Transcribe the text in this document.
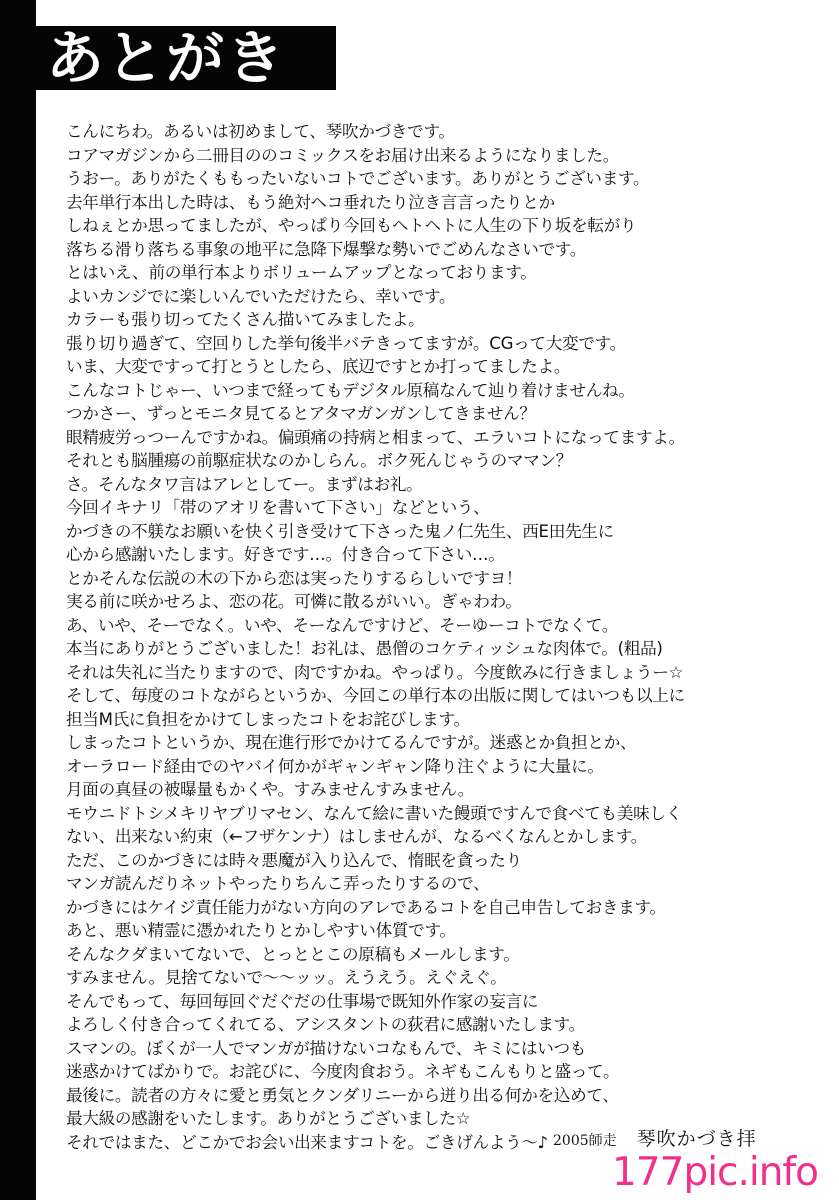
あとがき
こんにちわ。あるいは初めまして、琴吹かづきです。
コアマガジンから二冊目ののコミックスをお届け出来るようになりました。
うおー。ありがたくももったいないコトでございます。ありがとうございます。
去年単行本出した時は、もう絶対ヘコ垂れたり泣き言言ったりとか
しねぇとか思ってましたが、やっぱり今回もヘトヘトに人生の下り坂を転がり
落ちる滑り落ちる事象の地平に急降下爆撃な勢いでごめんなさいです。
とはいえ、前の単行本よりボリュームアップとなっております。
よいカンジでに楽しいんでいただけたら、幸いです。
カラーも張り切ってたくさん描いてみましたよ。
張り切り過ぎて、空回りした挙句後半バテきってますが。CGって大変です。
いま、大変ですって打とうとしたら、底辺ですとか打ってましたよ。
こんなコトじゃー、いつまで経ってもデジタル原稿なんて辿り着けませんね。
つかさー、ずっとモニタ見てるとアタマガンガンしてきません？
眼精疲労っつーんですかね。偏頭痛の持病と相まって、エラいコトになってますよ。
それとも脳腫瘍の前駆症状なのかしらん。ボク死んじゃうのママン？
さ。そんなタワ言はアレとしてー。まずはお礼。
今回イキナリ「帯のアオリを書いて下さい」などという、
かづきの不躾なお願いを快く引き受けて下さった鬼ノ仁先生、西E田先生に
心から感謝いたします。好きです…。付き合って下さい…。
とかそんな伝説の木の下から恋は実ったりするらしいですヨ！
実る前に咲かせろよ、恋の花。可憐に散るがいい。ぎゃわわ。
あ、いや、そーでなく。いや、そーなんですけど、そーゆーコトでなくて。
本当にありがとうございました！お礼は、愚僧のコケティッシュな肉体で。(粗品)
それは失礼に当たりますので、肉ですかね。やっぱり。今度飲みに行きましょうー☆
そして、毎度のコトながらというか、今回この単行本の出版に関してはいつも以上に
担当M氏に負担をかけてしまったコトをお詫びします。
しまったコトというか、現在進行形でかけてるんですが。迷惑とか負担とか、
オーラロード経由でのヤバイ何かがギャンギャン降り注ぐように大量に。
月面の真昼の被曝量もかくや。すみませんすみません。
モウニドトシメキリヤブリマセン、なんて絵に書いた饅頭ですんで食べても美味しく
ない、出来ない約束（←フザケンナ）はしませんが、なるべくなんとかします。
ただ、このかづきには時々悪魔が入り込んで、惰眠を貪ったり
マンガ読んだりネットやったりちんこ弄ったりするので、
かづきにはケイジ責任能力がない方向のアレであるコトを自己申告しておきます。
あと、悪い精霊に憑かれたりとかしやすい体質です。
そんなクダまいてないで、とっととこの原稿もメールします。
すみません。見捨てないで～～ッッ。えうえう。えぐえぐ。
そんでもって、毎回毎回ぐだぐだの仕事場で既知外作家の妄言に
よろしく付き合ってくれてる、アシスタントの荻君に感謝いたします。
スマンの。ぼくが一人でマンガが描けないコなもんで、キミにはいつも
迷惑かけてばかりで。お詫びに、今度肉食おう。ネギもこんもりと盛って。
最後に。読者の方々に愛と勇気とクンダリニーから迸り出る何かを込めて、
最大級の感謝をいたします。ありがとうございました☆
それではまた、どこかでお会い出来ますコトを。ごきげんよう～♪ 2005師走 琴吹かづき拝
177pic.info
